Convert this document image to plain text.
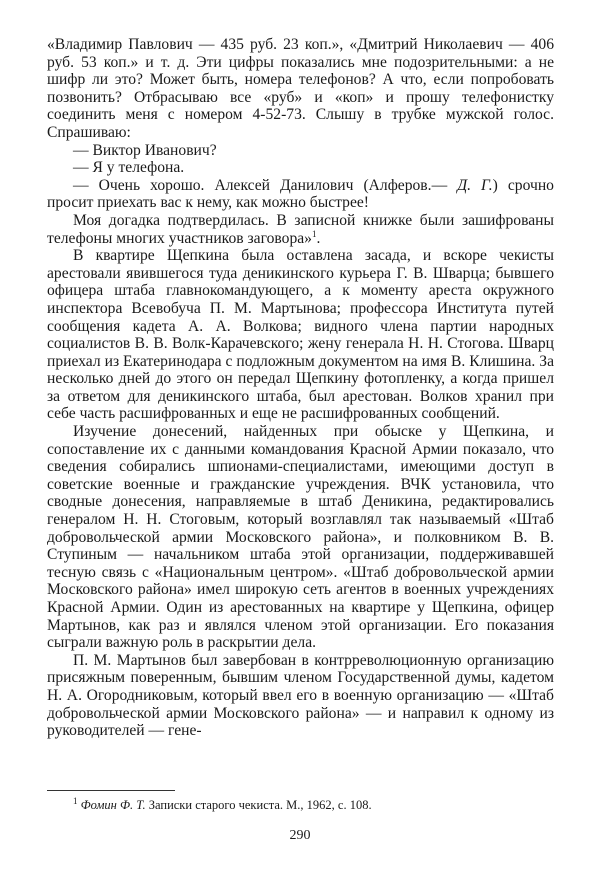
«Владимир Павлович — 435 руб. 23 коп.», «Дмитрий Николаевич — 406 руб. 53 коп.» и т. д. Эти цифры показались мне подозрительными: а не шифр ли это? Может быть, номера телефонов? А что, если попробовать позвонить? Отбрасываю все «руб» и «коп» и прошу телефонистку соединить меня с номером 4-52-73. Слышу в трубке мужской голос. Спрашиваю:

— Виктор Иванович?

— Я у телефона.

— Очень хорошо. Алексей Данилович (Алферов.— Д. Г.) срочно просит приехать вас к нему, как можно быстрее!

Моя догадка подтвердилась. В записной книжке были зашифрованы телефоны многих участников заговора»$^1$.

В квартире Щепкина была оставлена засада, и вскоре чекисты арестовали явившегося туда деникинского курьера Г. В. Шварца; бывшего офицера штаба главнокомандующего, а к моменту ареста окружного инспектора Всевобуча П. М. Мартынова; профессора Института путей сообщения кадета А. А. Волкова; видного члена партии народных социалистов В. В. Волк-Карачевского; жену генерала Н. Н. Стогова. Шварц приехал из Екатеринодара с подложным документом на имя В. Клишина. За несколько дней до этого он передал Щепкину фотопленку, а когда пришел за ответом для деникинского штаба, был арестован. Волков хранил при себе часть расшифрованных и еще не расшифрованных сообщений.

Изучение донесений, найденных при обыске у Щепкина, и сопоставление их с данными командования Красной Армии показало, что сведения собирались шпионами-специалистами, имеющими доступ в советские военные и гражданские учреждения. ВЧК установила, что сводные донесения, направляемые в штаб Деникина, редактировались генералом Н. Н. Стоговым, который возглавлял так называемый «Штаб добровольческой армии Московского района», и полковником В. В. Ступиным — начальником штаба этой организации, поддерживавшей тесную связь с «Национальным центром». «Штаб добровольческой армии Московского района» имел широкую сеть агентов в военных учреждениях Красной Армии. Один из арестованных на квартире у Щепкина, офицер Мартынов, как раз и являлся членом этой организации. Его показания сыграли важную роль в раскрытии дела.

П. М. Мартынов был завербован в контрреволюционную организацию присяжным поверенным, бывшим членом Государственной думы, кадетом Н. А. Огородниковым, который ввел его в военную организацию — «Штаб добровольческой армии Московского района» — и направил к одному из руководителей — гене-

$^1$ Фомин Ф. Т. Записки старого чекиста. М., 1962, с. 108.
290
